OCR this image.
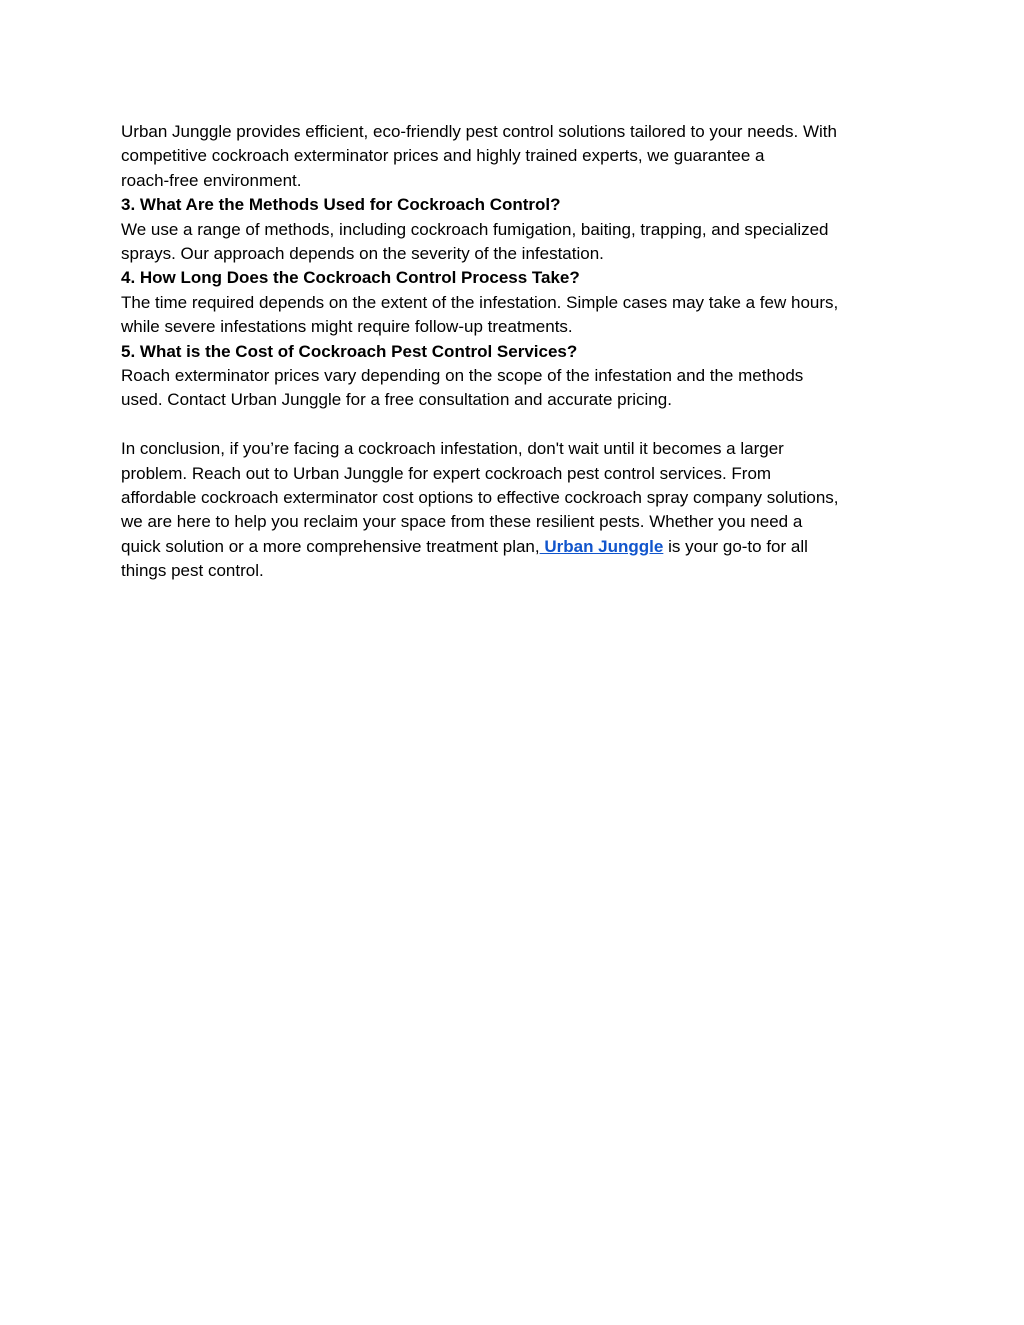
Urban Junggle provides efficient, eco-friendly pest control solutions tailored to your needs. With

competitive cockroach exterminator prices and highly trained experts, we guarantee a

roach-free environment.

3. What Are the Methods Used for Cockroach Control?

We use a range of methods, including cockroach fumigation, baiting, trapping, and specialized

sprays. Our approach depends on the severity of the infestation.

4. How Long Does the Cockroach Control Process Take?

The time required depends on the extent of the infestation. Simple cases may take a few hours,

while severe infestations might require follow-up treatments.

5. What is the Cost of Cockroach Pest Control Services?

Roach exterminator prices vary depending on the scope of the infestation and the methods

used. Contact Urban Junggle for a free consultation and accurate pricing.

In conclusion, if you’re facing a cockroach infestation, don't wait until it becomes a larger

problem. Reach out to Urban Junggle for expert cockroach pest control services. From

affordable cockroach exterminator cost options to effective cockroach spray company solutions,

we are here to help you reclaim your space from these resilient pests. Whether you need a

quick solution or a more comprehensive treatment plan, Urban Junggle is your go-to for all

things pest control.
